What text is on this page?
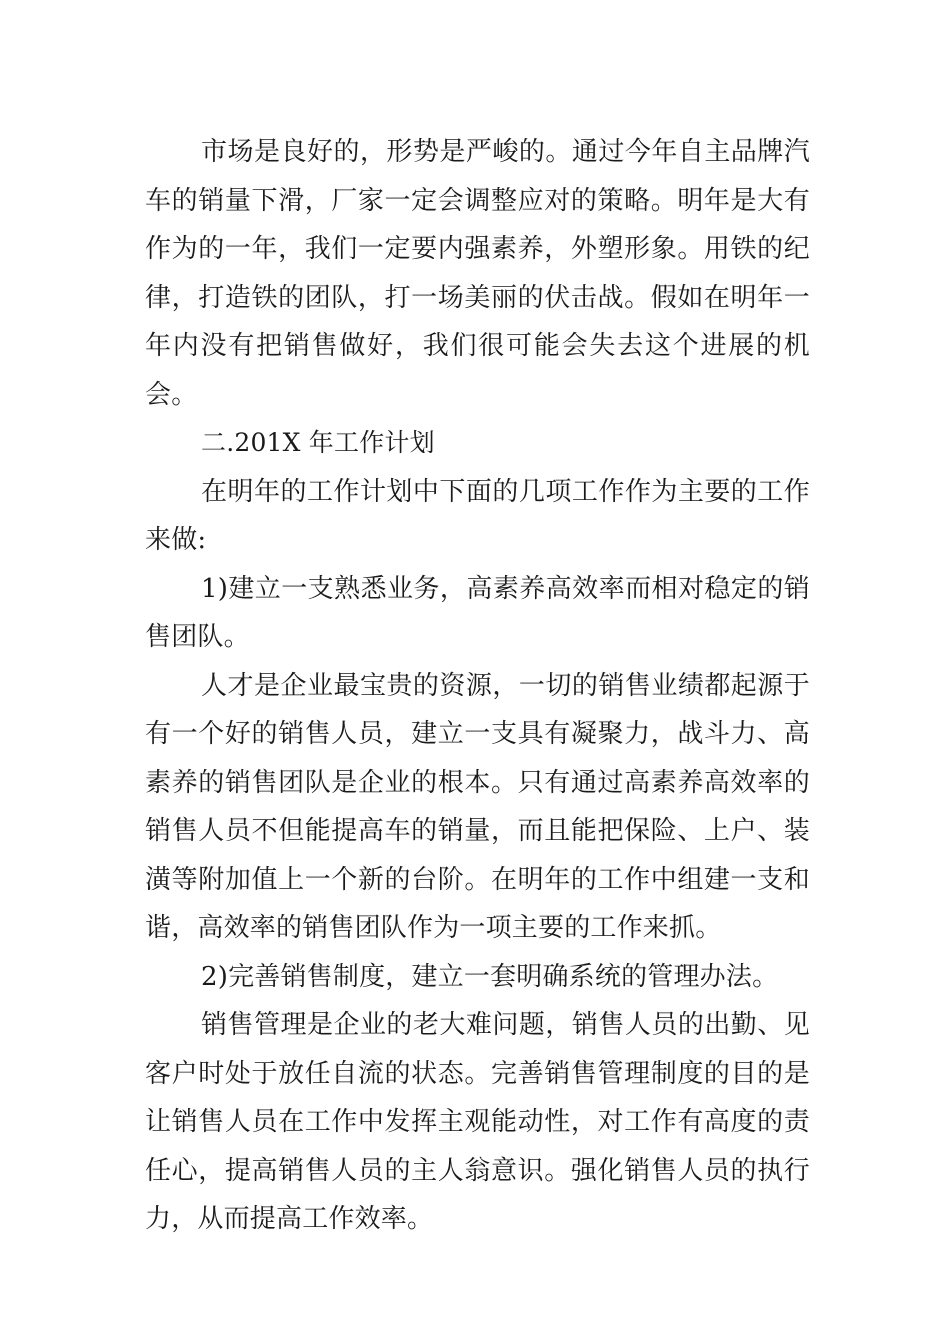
市场是良好的，形势是严峻的。通过今年自主品牌汽车的销量下滑，厂家一定会调整应对的策略。明年是大有作为的一年，我们一定要内强素养，外塑形象。用铁的纪律，打造铁的团队，打一场美丽的伏击战。假如在明年一年内没有把销售做好，我们很可能会失去这个进展的机会。

二.201X 年工作计划

在明年的工作计划中下面的几项工作作为主要的工作来做:

1)建立一支熟悉业务，高素养高效率而相对稳定的销售团队。

人才是企业最宝贵的资源，一切的销售业绩都起源于有一个好的销售人员，建立一支具有凝聚力，战斗力、高素养的销售团队是企业的根本。只有通过高素养高效率的销售人员不但能提高车的销量，而且能把保险、上户、装潢等附加值上一个新的台阶。在明年的工作中组建一支和谐，高效率的销售团队作为一项主要的工作来抓。

2)完善销售制度，建立一套明确系统的管理办法。

销售管理是企业的老大难问题，销售人员的出勤、见客户时处于放任自流的状态。完善销售管理制度的目的是让销售人员在工作中发挥主观能动性，对工作有高度的责任心，提高销售人员的主人翁意识。强化销售人员的执行力，从而提高工作效率。
